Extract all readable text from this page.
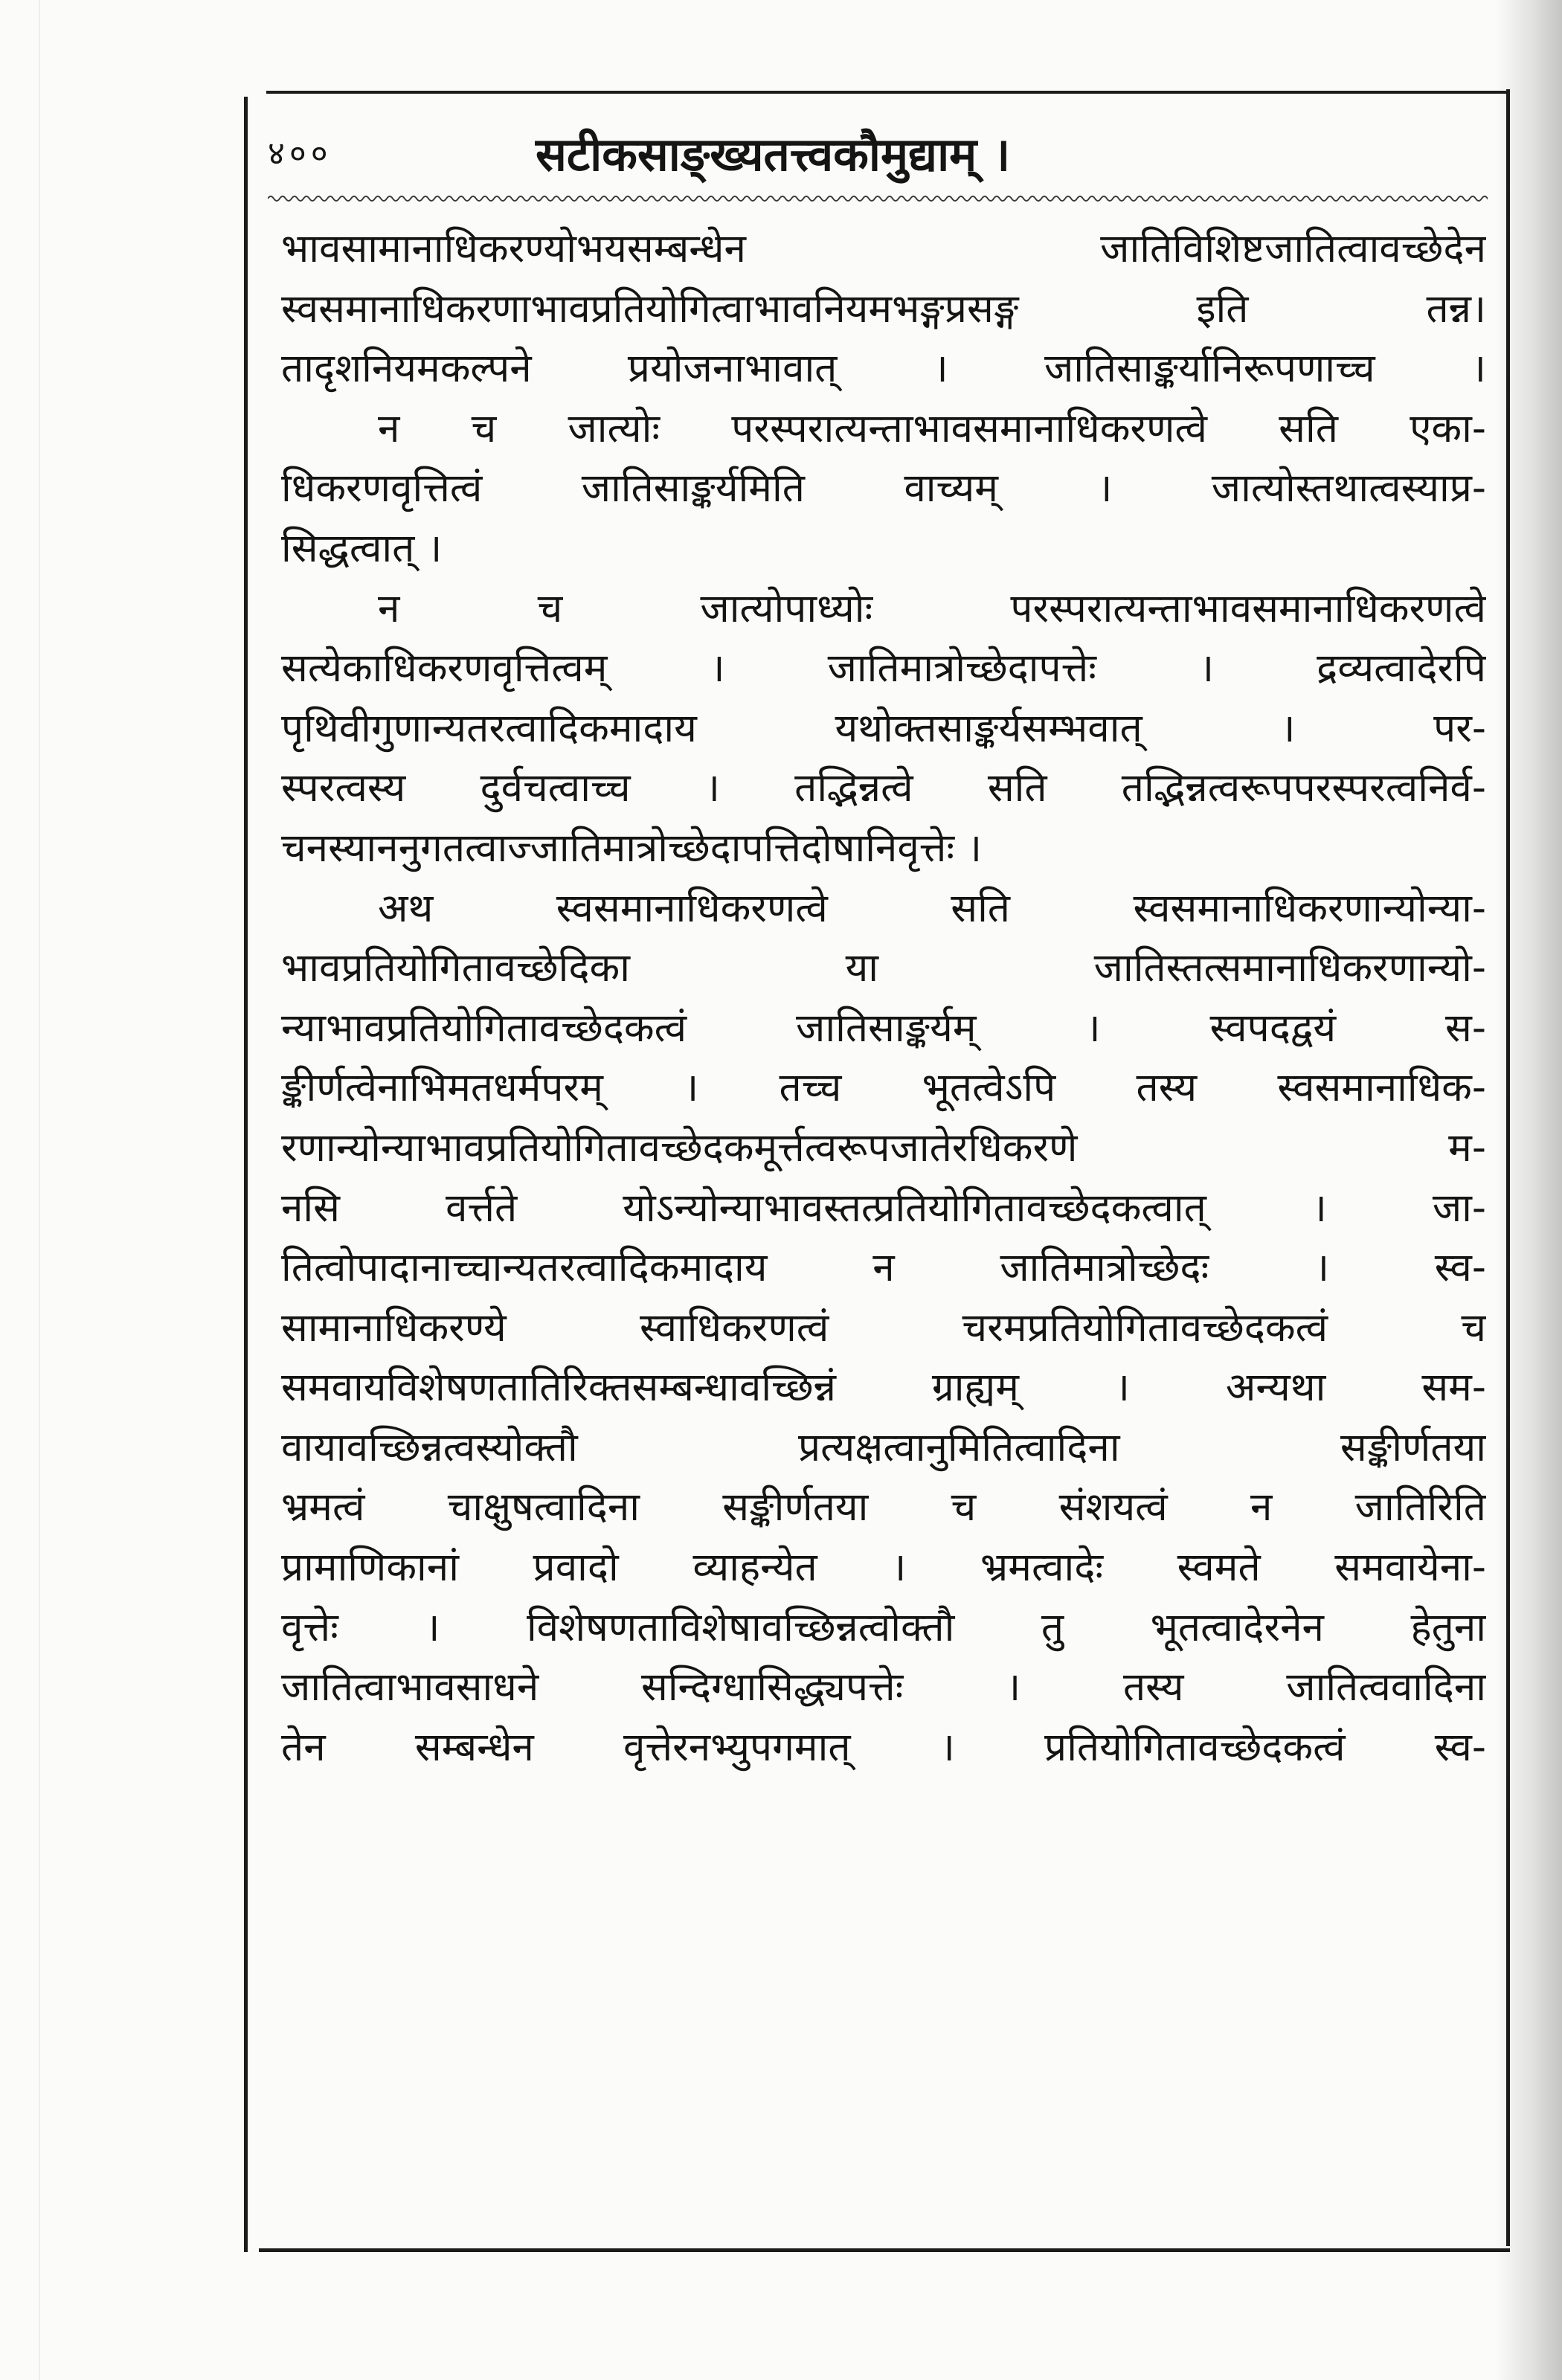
४००	सटीकसाङ्ख्यतत्त्वकौमुद्याम् ।
भावसामानाधिकरण्योभयसम्बन्धेन जातिविशिष्टजातित्वावच्छेदेन
स्वसमानाधिकरणाभावप्रतियोगित्वाभावनियमभङ्गप्रसङ्ग इति तन्न।
तादृशनियमकल्पने प्रयोजनाभावात् । जातिसाङ्कर्यानिरूपणाच्च ।
न च जात्योः परस्परात्यन्ताभावसमानाधिकरणत्वे सति एका-
धिकरणवृत्तित्वं जातिसाङ्कर्यमिति वाच्यम् । जात्योस्तथात्वस्याप्र-
सिद्धत्वात् ।
न च जात्योपाध्योः परस्परात्यन्ताभावसमानाधिकरणत्वे
सत्येकाधिकरणवृत्तित्वम् । जातिमात्रोच्छेदापत्तेः । द्रव्यत्वादेरपि
पृथिवीगुणान्यतरत्वादिकमादाय यथोक्तसाङ्कर्यसम्भवात् । पर-
स्परत्वस्य दुर्वचत्वाच्च । तद्भिन्नत्वे सति तद्भिन्नत्वरूपपरस्परत्वनिर्व-
चनस्याननुगतत्वाज्जातिमात्रोच्छेदापत्तिदोषानिवृत्तेः ।
अथ स्वसमानाधिकरणत्वे सति स्वसमानाधिकरणान्योन्या-
भावप्रतियोगितावच्छेदिका या जातिस्तत्समानाधिकरणान्यो-
न्याभावप्रतियोगितावच्छेदकत्वं जातिसाङ्कर्यम् । स्वपदद्वयं स-
ङ्कीर्णत्वेनाभिमतधर्मपरम् । तच्च भूतत्वेऽपि तस्य स्वसमानाधिक-
रणान्योन्याभावप्रतियोगितावच्छेदकमूर्त्तत्वरूपजातेरधिकरणे म-
नसि वर्त्तते योऽन्योन्याभावस्तत्प्रतियोगितावच्छेदकत्वात् । जा-
तित्वोपादानाच्चान्यतरत्वादिकमादाय न जातिमात्रोच्छेदः । स्व-
सामानाधिकरण्ये स्वाधिकरणत्वं चरमप्रतियोगितावच्छेदकत्वं च
समवायविशेषणतातिरिक्तसम्बन्धावच्छिन्नं ग्राह्यम् । अन्यथा सम-
वायावच्छिन्नत्वस्योक्तौ प्रत्यक्षत्वानुमितित्वादिना सङ्कीर्णतया
भ्रमत्वं चाक्षुषत्वादिना सङ्कीर्णतया च संशयत्वं न जातिरिति
प्रामाणिकानां प्रवादो व्याहन्येत । भ्रमत्वादेः स्वमते समवायेना-
वृत्तेः । विशेषणताविशेषावच्छिन्नत्वोक्तौ तु भूतत्वादेरनेन हेतुना
जातित्वाभावसाधने सन्दिग्धासिद्ध्यपत्तेः । तस्य जातित्ववादिना
तेन सम्बन्धेन वृत्तेरनभ्युपगमात् । प्रतियोगितावच्छेदकत्वं स्व-
